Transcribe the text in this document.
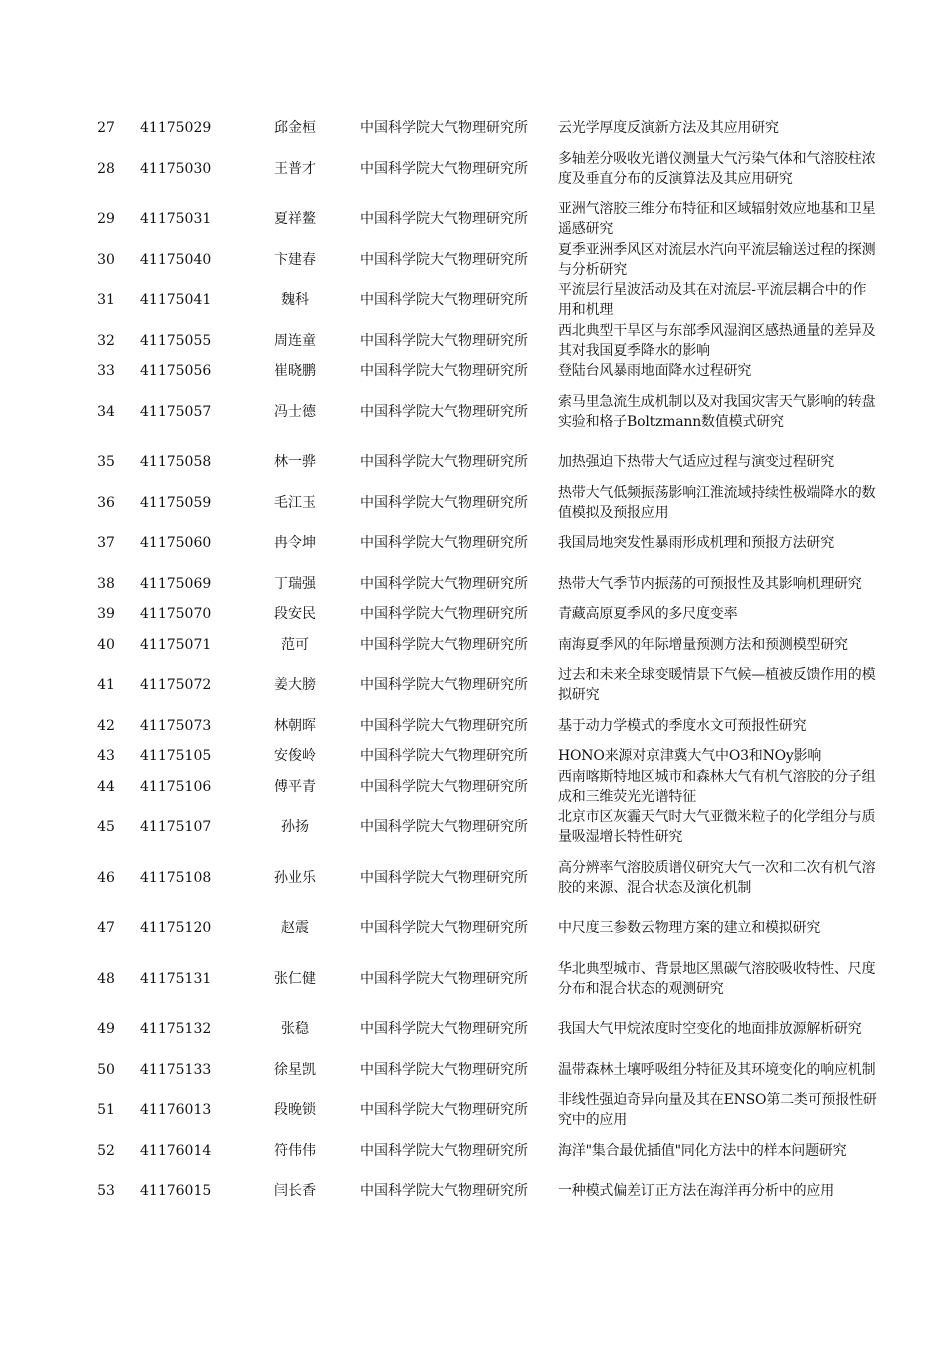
27	41175029	邱金桓	中国科学院大气物理研究所	云光学厚度反演新方法及其应用研究
28	41175030	王普才	中国科学院大气物理研究所	多轴差分吸收光谱仪测量大气污染气体和气溶胶柱浓度及垂直分布的反演算法及其应用研究
29	41175031	夏祥鳌	中国科学院大气物理研究所	亚洲气溶胶三维分布特征和区域辐射效应地基和卫星遥感研究
30	41175040	卞建春	中国科学院大气物理研究所	夏季亚洲季风区对流层水汽向平流层输送过程的探测与分析研究
31	41175041	魏科	中国科学院大气物理研究所	平流层行星波活动及其在对流层-平流层耦合中的作用和机理
32	41175055	周连童	中国科学院大气物理研究所	西北典型干旱区与东部季风湿润区感热通量的差异及其对我国夏季降水的影响
33	41175056	崔晓鹏	中国科学院大气物理研究所	登陆台风暴雨地面降水过程研究
34	41175057	冯士德	中国科学院大气物理研究所	索马里急流生成机制以及对我国灾害天气影响的转盘实验和格子Boltzmann数值模式研究
35	41175058	林一骅	中国科学院大气物理研究所	加热强迫下热带大气适应过程与演变过程研究
36	41175059	毛江玉	中国科学院大气物理研究所	热带大气低频振荡影响江淮流域持续性极端降水的数值模拟及预报应用
37	41175060	冉令坤	中国科学院大气物理研究所	我国局地突发性暴雨形成机理和预报方法研究
38	41175069	丁瑞强	中国科学院大气物理研究所	热带大气季节内振荡的可预报性及其影响机理研究
39	41175070	段安民	中国科学院大气物理研究所	青藏高原夏季风的多尺度变率
40	41175071	范可	中国科学院大气物理研究所	南海夏季风的年际增量预测方法和预测模型研究
41	41175072	姜大膀	中国科学院大气物理研究所	过去和未来全球变暖情景下气候—植被反馈作用的模拟研究
42	41175073	林朝晖	中国科学院大气物理研究所	基于动力学模式的季度水文可预报性研究
43	41175105	安俊岭	中国科学院大气物理研究所	HONO来源对京津冀大气中O3和NOy影响
44	41175106	傅平青	中国科学院大气物理研究所	西南喀斯特地区城市和森林大气有机气溶胶的分子组成和三维荧光光谱特征
45	41175107	孙扬	中国科学院大气物理研究所	北京市区灰霾天气时大气亚微米粒子的化学组分与质量吸湿增长特性研究
46	41175108	孙业乐	中国科学院大气物理研究所	高分辨率气溶胶质谱仪研究大气一次和二次有机气溶胶的来源、混合状态及演化机制
47	41175120	赵震	中国科学院大气物理研究所	中尺度三参数云物理方案的建立和模拟研究
48	41175131	张仁健	中国科学院大气物理研究所	华北典型城市、背景地区黑碳气溶胶吸收特性、尺度分布和混合状态的观测研究
49	41175132	张稳	中国科学院大气物理研究所	我国大气甲烷浓度时空变化的地面排放源解析研究
50	41175133	徐星凯	中国科学院大气物理研究所	温带森林土壤呼吸组分特征及其环境变化的响应机制
51	41176013	段晚锁	中国科学院大气物理研究所	非线性强迫奇异向量及其在ENSO第二类可预报性研究中的应用
52	41176014	符伟伟	中国科学院大气物理研究所	海洋"集合最优插值"同化方法中的样本问题研究
53	41176015	闫长香	中国科学院大气物理研究所	一种模式偏差订正方法在海洋再分析中的应用
